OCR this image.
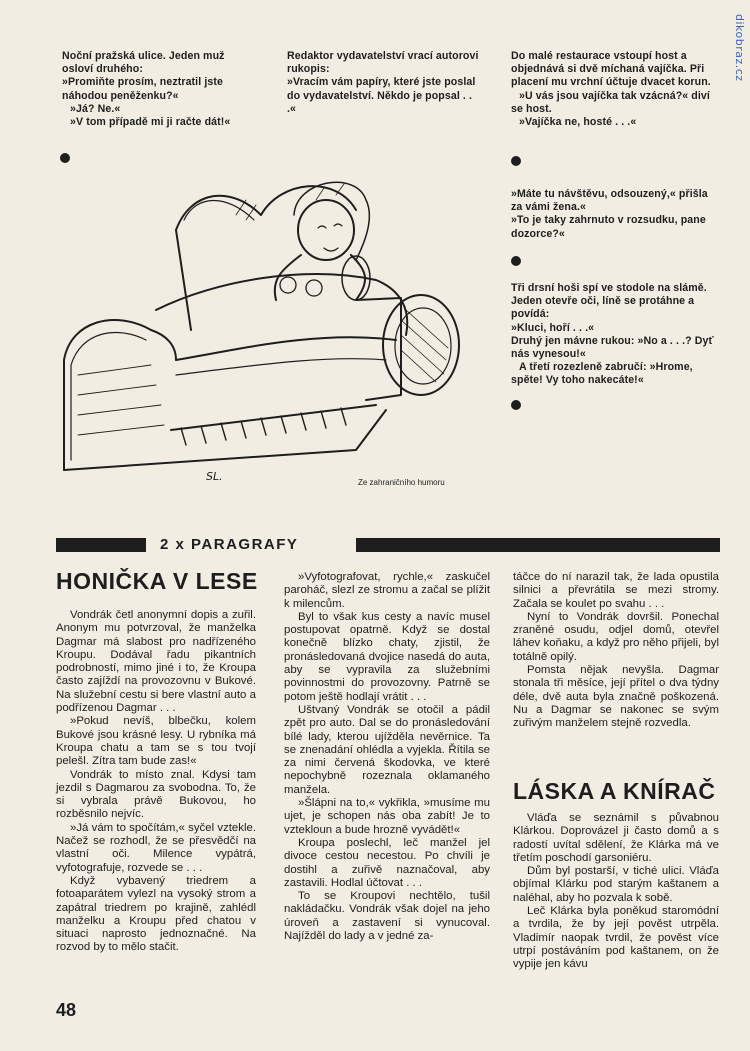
dikobraz.cz

Noční pražská ulice. Jeden muž osloví druhého:

»Promiňte prosím, neztratil jste náhodou peněženku?«

»Já? Ne.«

»V tom případě mi ji račte dát!«

Redaktor vydavatelství vrací autorovi rukopis:

»Vracím vám papíry, které jste poslal do vydavatelství. Někdo je popsal . . .«

Do malé restaurace vstoupí host a objednává si dvě míchaná vajíčka. Při placení mu vrchní účtuje dvacet korun.

»U vás jsou vajíčka tak vzácná?« diví se host.

»Vajíčka ne, hosté . . .«

»Máte tu návštěvu, odsouzený,« přišla za vámi žena.«

»To je taky zahrnuto v rozsudku, pane dozorce?«

Tři drsní hoši spí ve stodole na slámě. Jeden otevře oči, líně se protáhne a povídá:

»Kluci, hoří . . .«

Druhý jen mávne rukou: »No a . . .? Dyť nás vynesou!«

A třetí rozezleně zabručí: »Hrome, spěte! Vy toho nakecáte!«

SL.	Ze zahraničního humoru
2 x PARAGRAFY
HONIČKA V LESE

Vondrák četl anonymní dopis a zuřil. Anonym mu potvrzoval, že manželka Dagmar má slabost pro nadřízeného Kroupu. Dodával řadu pikantních podrobností, mimo jiné i to, že Kroupa často zajíždí na provozovnu v Bukové. Na služební cestu si bere vlastní auto a podřízenou Dagmar . . .

»Pokud nevíš, blbečku, kolem Bukové jsou krásné lesy. U rybníka má Kroupa chatu a tam se s tou tvojí pelešl. Zítra tam bude zas!«

Vondrák to místo znal. Kdysi tam jezdil s Dagmarou za svobodna. To, že si vybrala právě Bukovou, ho rozběsnilo nejvíc.

»Já vám to spočítám,« syčel vztekle. Načež se rozhodl, že se přesvědčí na vlastní oči. Milence vypátrá, vyfotografuje, rozvede se . . .

Když vybavený triedrem a fotoaparátem vylezl na vysoký strom a zapátral triedrem po krajině, zahlédl manželku a Kroupu před chatou v situaci naprosto jednoznačné. Na rozvod by to mělo stačit.

»Vyfotografovat, rychle,« zaskučel paroháč, slezl ze stromu a začal se plížit k milencům.

Byl to však kus cesty a navíc musel postupovat opatrně. Když se dostal konečně blízko chaty, zjistil, že pronásledovaná dvojice nasedá do auta, aby se vypravila za služebními povinnostmi do provozovny. Patrně se potom ještě hodlají vrátit . . .

Uštvaný Vondrák se otočil a pádil zpět pro auto. Dal se do pronásledování bílé lady, kterou ujížděla nevěrnice. Ta se znenadání ohlédla a vyjekla. Řítila se za nimi červená škodovka, ve které nepochybně rozeznala oklamaného manžela.

»Šlápni na to,« vykřikla, »musíme mu ujet, je schopen nás oba zabít! Je to vztekloun a bude hrozně vyvádět!«

Kroupa poslechl, leč manžel jel divoce cestou necestou. Po chvíli je dostihl a zuřivě naznačoval, aby zastavili. Hodlal účtovat . . .

To se Kroupovi nechtělo, tušil nakládačku. Vondrák však dojel na jeho úroveň a zastavení si vynucoval. Najížděl do lady a v jedné za-

táčce do ní narazil tak, že lada opustila silnici a převrátila se mezi stromy. Začala se koulet po svahu . . .

Nyní to Vondrák dovršil. Ponechal zraněné osudu, odjel domů, otevřel láhev koňaku, a když pro něho přijeli, byl totálně opilý.

Pomsta nějak nevyšla. Dagmar stonala tři měsíce, její přítel o dva týdny déle, dvě auta byla značně poškozená. Nu a Dagmar se nakonec se svým zuřivým manželem stejně rozvedla.

LÁSKA A KNÍRAČ

Vláďa se seznámil s půvabnou Klárkou. Doprovázel ji často domů a s radostí uvítal sdělení, že Klárka má ve třetím poschodí garsoniéru.

Dům byl postarší, v tiché ulici. Vláďa objímal Klárku pod starým kaštanem a naléhal, aby ho pozvala k sobě.

Leč Klárka byla poněkud staromódní a tvrdila, že by její pověst utrpěla. Vladimír naopak tvrdil, že pověst více utrpí postáváním pod kaštanem, on že vypije jen kávu

48
